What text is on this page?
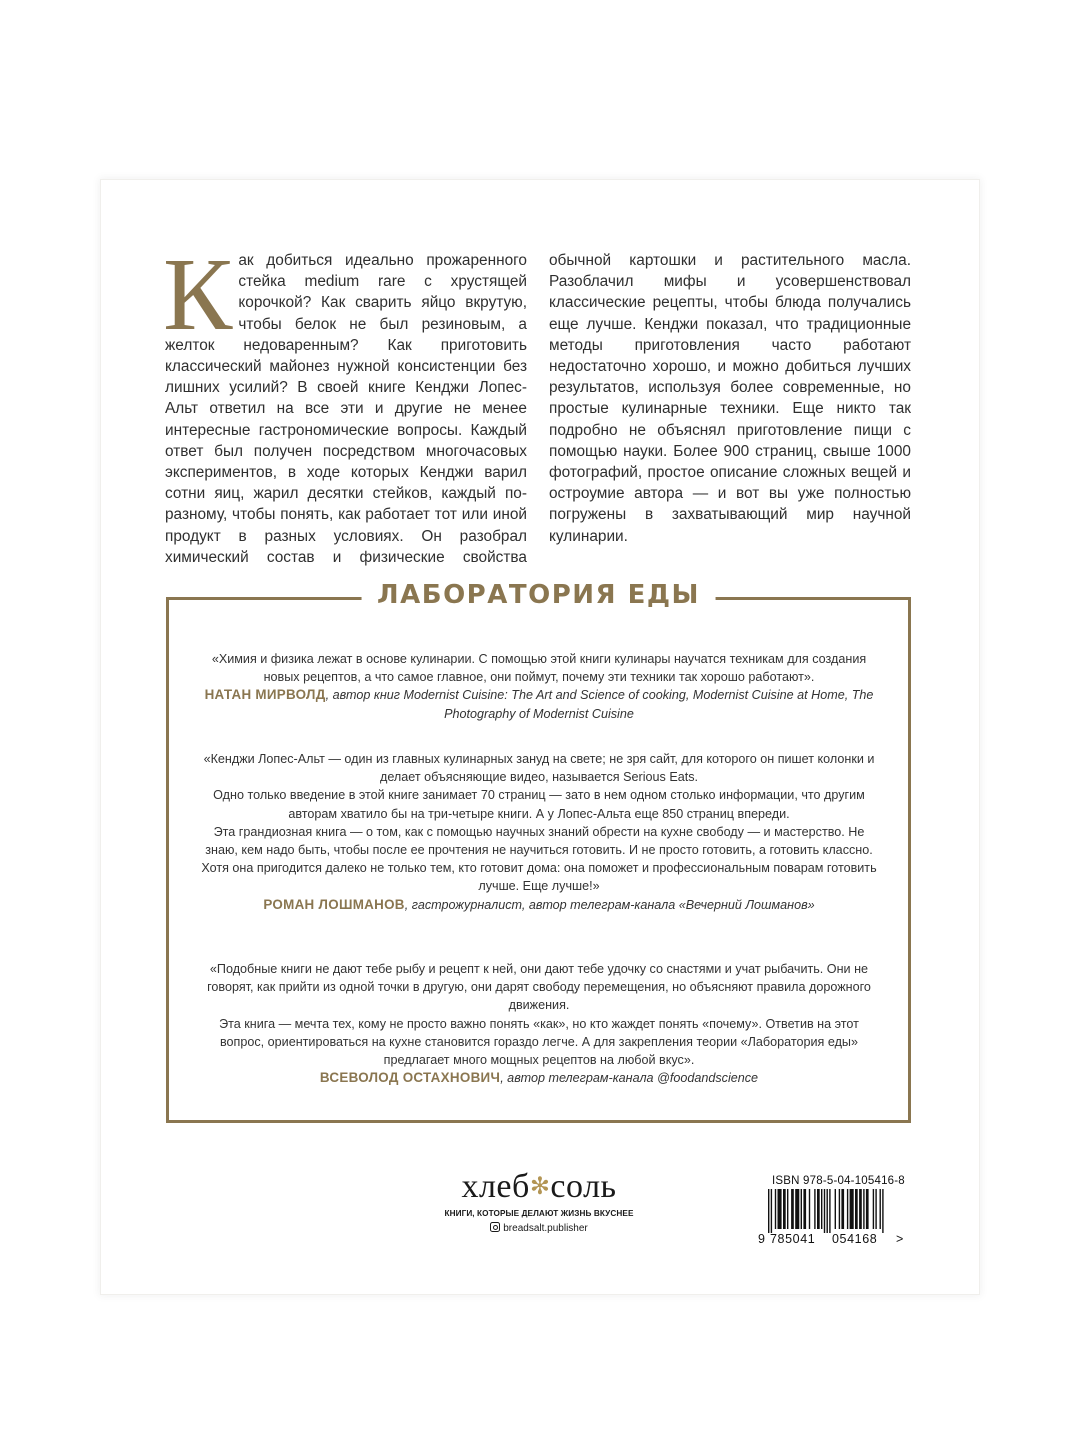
Как добиться идеально прожаренного стейка medium rare с хрустящей корочкой? Как сварить яйцо вкрутую, чтобы белок не был резиновым, а желток недоваренным? Как приготовить классический майонез нужной консистенции без лишних усилий? В своей книге Кенджи Лопес-Альт ответил на все эти и другие не менее интересные гастрономические вопросы. Каждый ответ был получен посредством многочасовых экспериментов, в ходе которых Кенджи варил сотни яиц, жарил десятки стейков, каждый по-разному, чтобы понять, как работает тот или иной продукт в разных условиях. Он разобрал химический состав и физические свойства обычной картошки и растительного масла. Разоблачил мифы и усовершенствовал классические рецепты, чтобы блюда получались еще лучше. Кенджи показал, что традиционные методы приготовления часто работают недостаточно хорошо, и можно добиться лучших результатов, используя более современные, но простые кулинарные техники. Еще никто так подробно не объяснял приготовление пищи с помощью науки. Более 900 страниц, свыше 1000 фотографий, простое описание сложных вещей и остроумие автора — и вот вы уже полностью погружены в захватывающий мир научной кулинарии.
ЛАБОРАТОРИЯ ЕДЫ

«Химия и физика лежат в основе кулинарии. С помощью этой книги кулинары научатся техникам для создания новых рецептов, а что самое главное, они поймут, почему эти техники так хорошо работают».

НАТАН МИРВОЛД, автор книг Modernist Cuisine: The Art and Science of cooking, Modernist Cuisine at Home, The Photography of Modernist Cuisine

«Кенджи Лопес-Альт — один из главных кулинарных зануд на свете; не зря сайт, для которого он пишет колонки и делает объясняющие видео, называется Serious Eats.

Одно только введение в этой книге занимает 70 страниц — зато в нем одном столько информации, что другим авторам хватило бы на три-четыре книги. А у Лопес-Альта еще 850 страниц впереди.

Эта грандиозная книга — о том, как с помощью научных знаний обрести на кухне свободу — и мастерство. Не знаю, кем надо быть, чтобы после ее прочтения не научиться готовить. И не просто готовить, а готовить классно.

Хотя она пригодится далеко не только тем, кто готовит дома: она поможет и профессиональным поварам готовить лучше. Еще лучше!»

РОМАН ЛОШМАНОВ, гастрожурналист, автор телеграм-канала «Вечерний Лошманов»

«Подобные книги не дают тебе рыбу и рецепт к ней, они дают тебе удочку со снастями и учат рыбачить. Они не говорят, как прийти из одной точки в другую, они дарят свободу перемещения, но объясняют правила дорожного движения.

Эта книга — мечта тех, кому не просто важно понять «как», но кто жаждет понять «почему». Ответив на этот вопрос, ориентироваться на кухне становится гораздо легче. А для закрепления теории «Лаборатория еды» предлагает много мощных рецептов на любой вкус».

ВСЕВОЛОД ОСТАХНОВИЧ, автор телеграм-канала @foodandscience

хлеб✻соль
КНИГИ, КОТОРЫЕ ДЕЛАЮТ ЖИЗНЬ ВКУСНЕЕ
breadsalt.publisher
ISBN 978-5-04-105416-8
9 785041 054168 >
